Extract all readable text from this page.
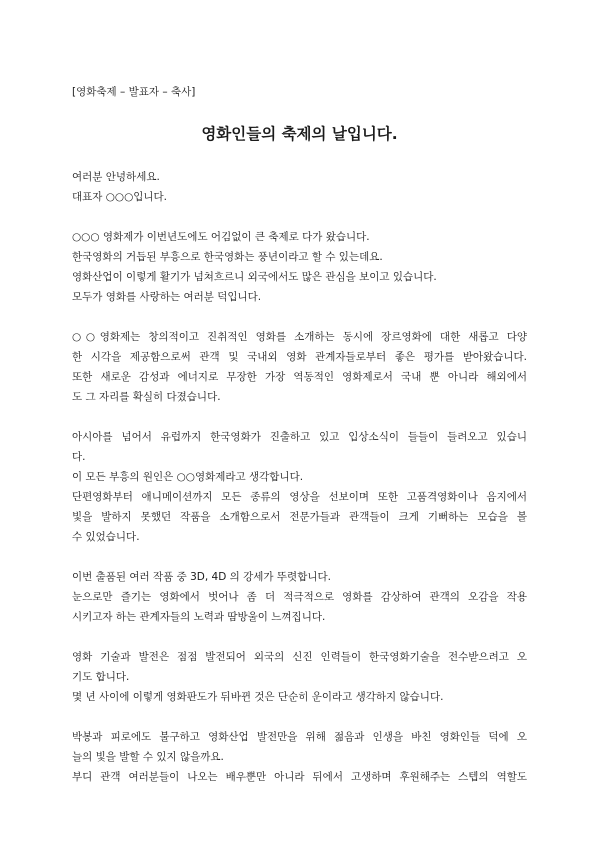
[영화축제 – 발표자 – 축사]
영화인들의 축제의 날입니다.
여러분 안녕하세요.
대표자 ○○○입니다.
○○○ 영화제가 이번년도에도 어김없이 큰 축제로 다가 왔습니다.
한국영화의 거듭된 부흥으로 한국영화는 풍년이라고 할 수 있는데요.
영화산업이 이렇게 활기가 넘쳐흐르니 외국에서도 많은 관심을 보이고 있습니다.
모두가 영화를 사랑하는 여러분 덕입니다.
○○영화제는 창의적이고 진취적인 영화를 소개하는 동시에 장르영화에 대한 새롭고 다양
한 시각을 제공함으로써 관객 및 국내외 영화 관계자들로부터 좋은 평가를 받아왔습니다.
또한 새로운 감성과 에너지로 무장한 가장 역동적인 영화제로서 국내 뿐 아니라 해외에서
도 그 자리를 확실히 다졌습니다.
아시아를 넘어서 유럽까지 한국영화가 진출하고 있고 입상소식이 들들이 들려오고 있습니
다.
이 모든 부흥의 원인은 ○○영화제라고 생각합니다.
단편영화부터 애니메이션까지 모든 종류의 영상을 선보이며 또한 고품격영화이나 음지에서
빛을 발하지 못했던 작품을 소개함으로서 전문가들과 관객들이 크게 기뻐하는 모습을 볼
수 있었습니다.
이번 출품된 여러 작품 중 3D, 4D 의 강세가 뚜렷합니다.
눈으로만 즐기는 영화에서 벗어나 좀 더 적극적으로 영화를 감상하여 관객의 오감을 작용
시키고자 하는 관계자들의 노력과 땀방울이 느껴집니다.
영화 기술과 발전은 점점 발전되어 외국의 신진 인력들이 한국영화기술을 전수받으려고 오
기도 합니다.
몇 년 사이에 이렇게 영화판도가 뒤바뀐 것은 단순히 운이라고 생각하지 않습니다.
박봉과 피로에도 불구하고 영화산업 발전만을 위해 젊음과 인생을 바친 영화인들 덕에 오
늘의 빛을 발할 수 있지 않을까요.
부디 관객 여러분들이 나오는 배우뿐만 아니라 뒤에서 고생하며 후원해주는 스텝의 역할도
